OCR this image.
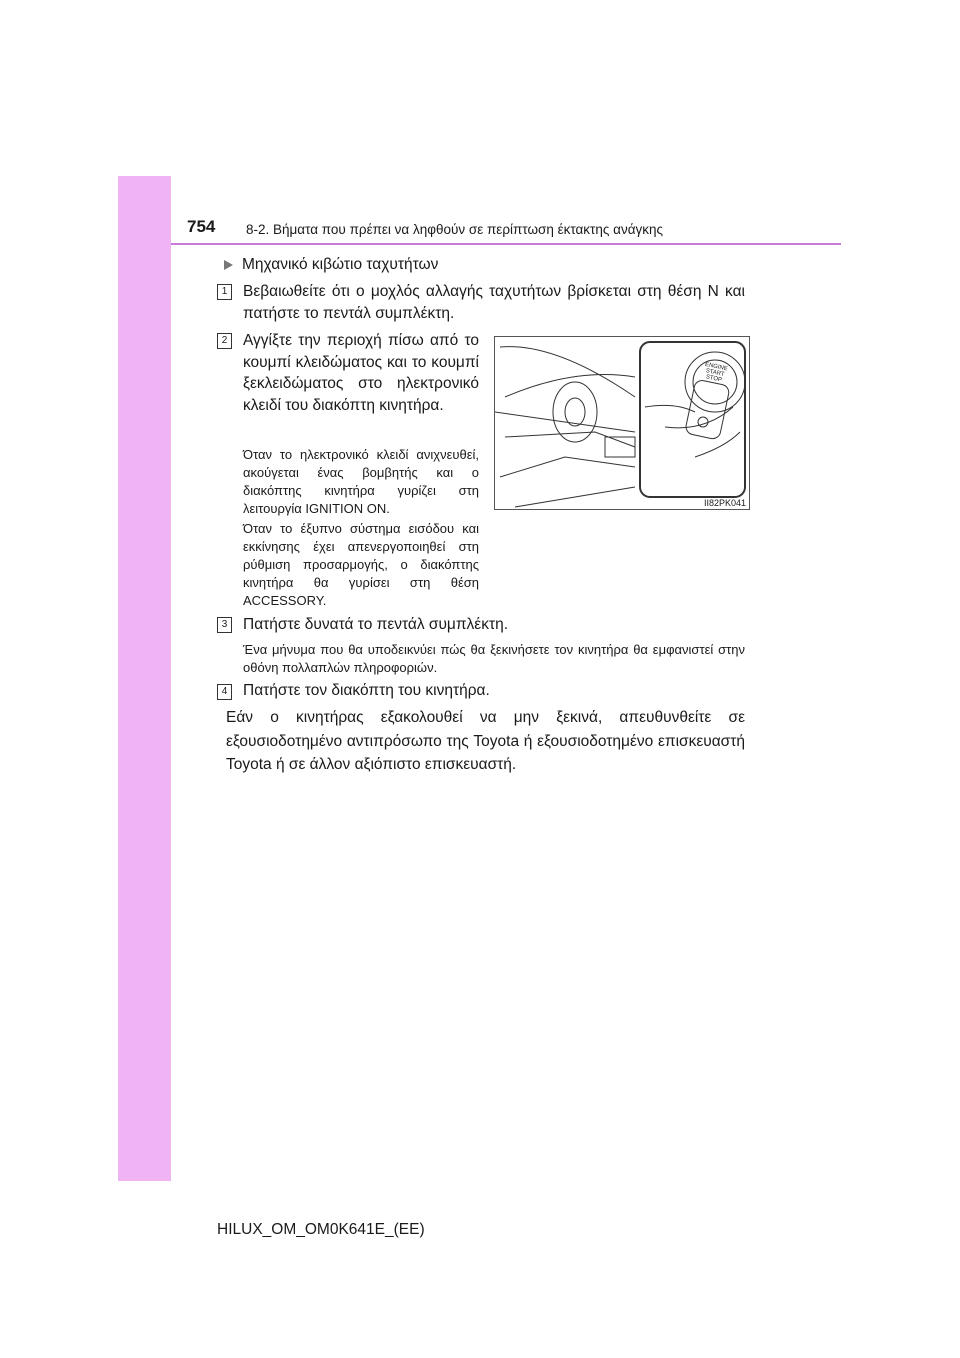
754 8-2. Βήματα που πρέπει να ληφθούν σε περίπτωση έκτακτης ανάγκης
Μηχανικό κιβώτιο ταχυτήτων
1	Βεβαιωθείτε ότι ο μοχλός αλλαγής ταχυτήτων βρίσκεται στη θέση N και πατήστε το πεντάλ συμπλέκτη.
2	Αγγίξτε την περιοχή πίσω από το κουμπί κλειδώματος και το κουμπί ξεκλειδώματος στο ηλεκτρονικό κλειδί του διακόπτη κινητήρα.
Όταν το ηλεκτρονικό κλειδί ανιχνευθεί, ακούγεται ένας βομβητής και ο διακόπτης κινητήρα γυρίζει στη λειτουργία IGNITION ON.
Όταν το έξυπνο σύστημα εισόδου και εκκίνησης έχει απενεργοποιηθεί στη ρύθμιση προσαρμογής, ο διακόπτης κινητήρα θα γυρίσει στη θέση ACCESSORY.
ENGINE START STOP
II82PK041
3	Πατήστε δυνατά το πεντάλ συμπλέκτη.
Ένα μήνυμα που θα υποδεικνύει πώς θα ξεκινήσετε τον κινητήρα θα εμφανιστεί στην οθόνη πολλαπλών πληροφοριών.
4	Πατήστε τον διακόπτη του κινητήρα.
Εάν ο κινητήρας εξακολουθεί να μην ξεκινά, απευθυνθείτε σε εξουσιοδοτημένο αντιπρόσωπο της Toyota ή εξουσιοδοτημένο επισκευαστή Toyota ή σε άλλον αξιόπιστο επισκευαστή.
HILUX_OM_OM0K641E_(EE)
